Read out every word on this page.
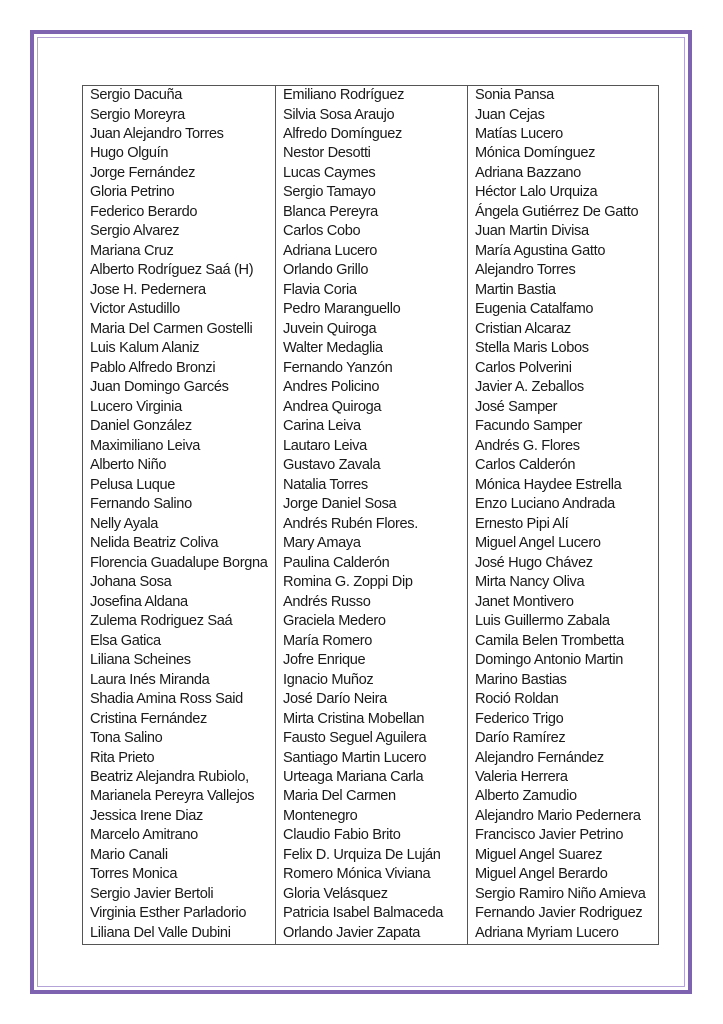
Sergio Dacuña	Emiliano Rodríguez	Sonia Pansa
Sergio Moreyra	Silvia Sosa Araujo	Juan Cejas
Juan Alejandro Torres	Alfredo Domínguez	Matías Lucero
Hugo Olguín	Nestor Desotti	Mónica Domínguez
Jorge Fernández	Lucas Caymes	Adriana Bazzano
Gloria Petrino	Sergio Tamayo	Héctor Lalo Urquiza
Federico Berardo	Blanca Pereyra	Ángela Gutiérrez De Gatto
Sergio Alvarez	Carlos Cobo	Juan Martin Divisa
Mariana Cruz	Adriana Lucero	María Agustina Gatto
Alberto Rodríguez Saá (H)	Orlando Grillo	Alejandro Torres
Jose H. Pedernera	Flavia Coria	Martin Bastia
Victor Astudillo	Pedro Maranguello	Eugenia Catalfamo
Maria Del Carmen Gostelli	Juvein Quiroga	Cristian Alcaraz
Luis Kalum Alaniz	Walter Medaglia	Stella Maris Lobos
Pablo Alfredo Bronzi	Fernando Yanzón	Carlos Polverini
Juan Domingo Garcés	Andres Policino	Javier A. Zeballos
Lucero Virginia	Andrea Quiroga	José Samper
Daniel González	Carina Leiva	Facundo Samper
Maximiliano Leiva	Lautaro Leiva	Andrés G. Flores
Alberto Niño	Gustavo Zavala	Carlos Calderón
Pelusa Luque	Natalia Torres	Mónica Haydee Estrella
Fernando Salino	Jorge Daniel Sosa	Enzo Luciano Andrada
Nelly Ayala	Andrés Rubén Flores.	Ernesto Pipi Alí
Nelida Beatriz Coliva	Mary Amaya	Miguel Angel Lucero
Florencia Guadalupe Borgna	Paulina Calderón	José Hugo Chávez
Johana Sosa	Romina G. Zoppi Dip	Mirta Nancy Oliva
Josefina Aldana	Andrés Russo	Janet Montivero
Zulema Rodriguez Saá	Graciela Medero	Luis Guillermo Zabala
Elsa Gatica	María Romero	Camila Belen Trombetta
Liliana Scheines	Jofre Enrique	Domingo Antonio Martin
Laura Inés Miranda	Ignacio Muñoz	Marino Bastias
Shadia Amina Ross Said	José Darío Neira	Roció Roldan
Cristina Fernández	Mirta Cristina Mobellan	Federico Trigo
Tona Salino	Fausto Seguel Aguilera	Darío Ramírez
Rita Prieto	Santiago Martin Lucero	Alejandro Fernández
Beatriz Alejandra Rubiolo,	Urteaga Mariana Carla	Valeria Herrera
Marianela Pereyra Vallejos	Maria Del Carmen	Alberto Zamudio
Jessica Irene Diaz	Montenegro	Alejandro Mario Pedernera
Marcelo Amitrano	Claudio Fabio Brito	Francisco Javier Petrino
Mario Canali	Felix D. Urquiza De Luján	Miguel Angel Suarez
Torres Monica	Romero Mónica Viviana	Miguel Angel Berardo
Sergio Javier Bertoli	Gloria Velásquez	Sergio Ramiro Niño Amieva
Virginia Esther Parladorio	Patricia Isabel Balmaceda	Fernando Javier Rodriguez
Liliana Del Valle Dubini	Orlando Javier Zapata	Adriana Myriam Lucero
